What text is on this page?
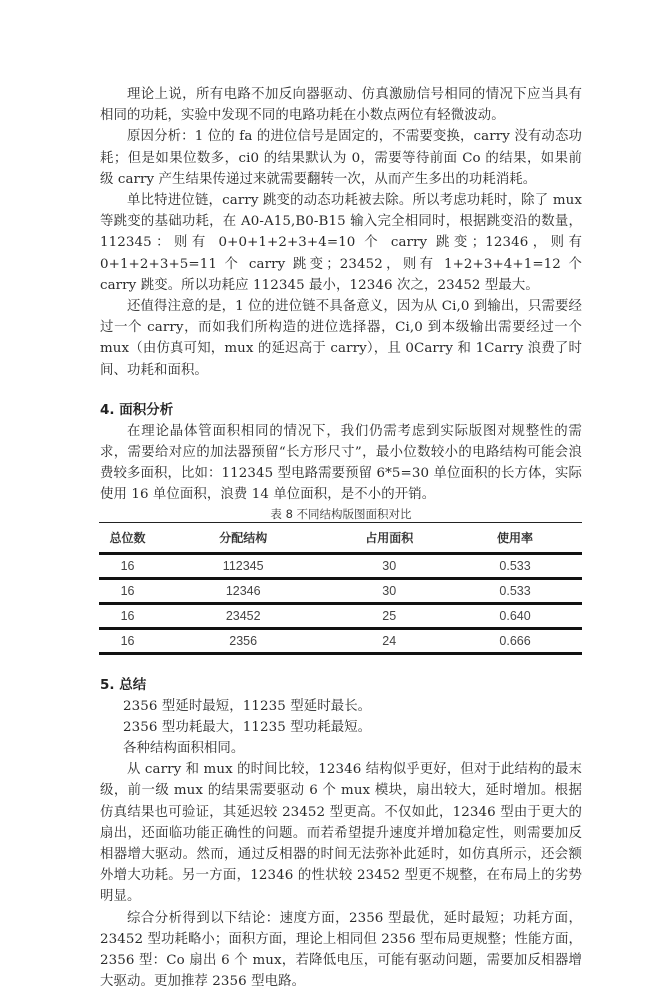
理论上说，所有电路不加反向器驱动、仿真激励信号相同的情况下应当具有相同的功耗，实验中发现不同的电路功耗在小数点两位有轻微波动。

原因分析：1 位的 fa 的进位信号是固定的，不需要变换，carry 没有动态功耗；但是如果位数多，ci0 的结果默认为 0，需要等待前面 Co 的结果，如果前级 carry 产生结果传递过来就需要翻转一次，从而产生多出的功耗消耗。

单比特进位链，carry 跳变的动态功耗被去除。所以考虑功耗时，除了 mux 等跳变的基础功耗，在 A0-A15,B0-B15 输入完全相同时，根据跳变沿的数量，112345：则有 0+0+1+2+3+4=10 个 carry 跳变；12346，则有 0+1+2+3+5=11 个 carry 跳变；23452，则有 1+2+3+4+1=12 个 carry 跳变。所以功耗应 112345 最小，12346 次之，23452 型最大。

还值得注意的是，1 位的进位链不具备意义，因为从 Ci,0 到输出，只需要经过一个 carry，而如我们所构造的进位选择器，Ci,0 到本级输出需要经过一个 mux（由仿真可知，mux 的延迟高于 carry），且 0Carry 和 1Carry 浪费了时间、功耗和面积。

4. 面积分析

在理论晶体管面积相同的情况下，我们仍需考虑到实际版图对规整性的需求，需要给对应的加法器预留“长方形尺寸”，最小位数较小的电路结构可能会浪费较多面积，比如：112345 型电路需要预留 6*5=30 单位面积的长方体，实际使用 16 单位面积，浪费 14 单位面积，是不小的开销。

表 8 不同结构版图面积对比

总位数	分配结构	占用面积	使用率
16	112345	30	0.533
16	12346	30	0.533
16	23452	25	0.640
16	2356	24	0.666
5. 总结

2356 型延时最短，11235 型延时最长。

2356 型功耗最大，11235 型功耗最短。

各种结构面积相同。

从 carry 和 mux 的时间比较，12346 结构似乎更好，但对于此结构的最末级，前一级 mux 的结果需要驱动 6 个 mux 模块，扇出较大，延时增加。根据仿真结果也可验证，其延迟较 23452 型更高。不仅如此，12346 型由于更大的扇出，还面临功能正确性的问题。而若希望提升速度并增加稳定性，则需要加反相器增大驱动。然而，通过反相器的时间无法弥补此延时，如仿真所示，还会额外增大功耗。另一方面，12346 的性状较 23452 型更不规整，在布局上的劣势明显。

综合分析得到以下结论：速度方面，2356 型最优，延时最短；功耗方面，23452 型功耗略小；面积方面，理论上相同但 2356 型布局更规整；性能方面，2356 型：Co 扇出 6 个 mux，若降低电压，可能有驱动问题，需要加反相器增大驱动。更加推荐 2356 型电路。
